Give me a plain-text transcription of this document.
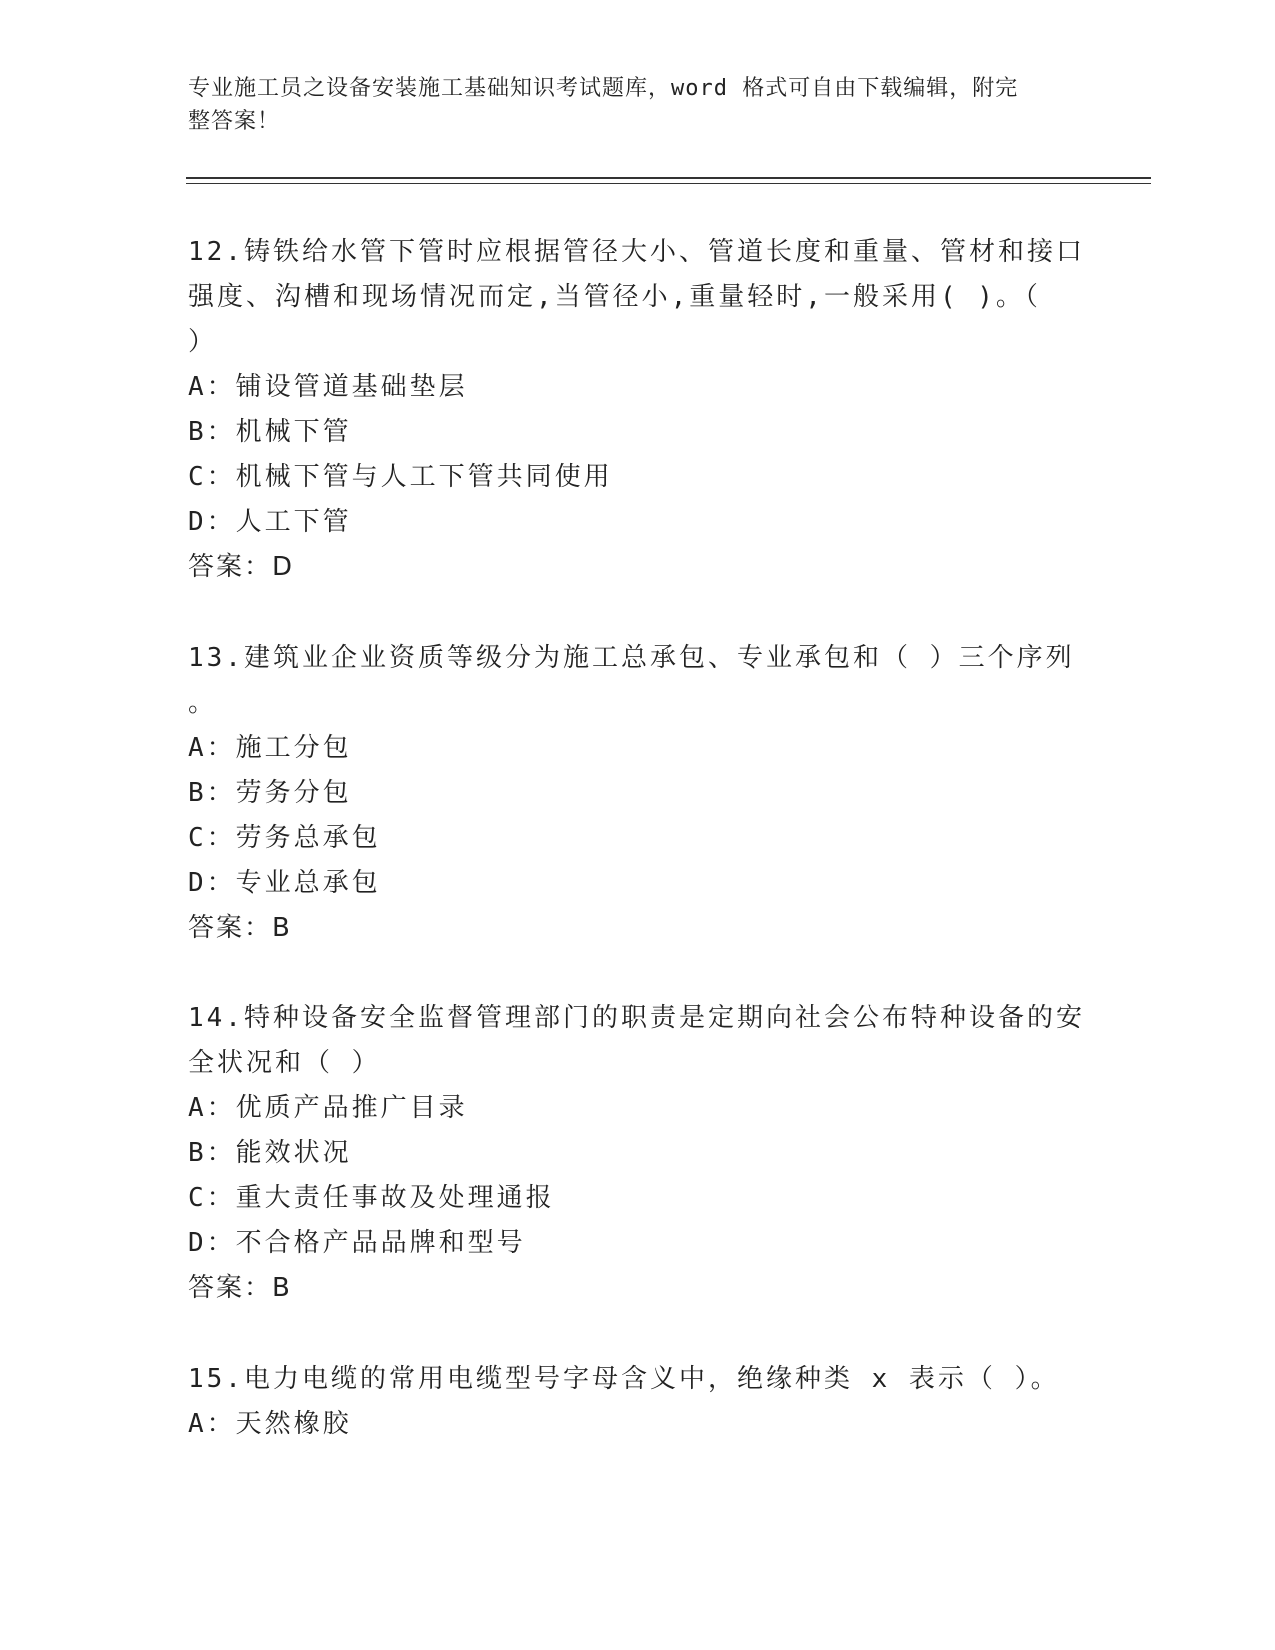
专业施工员之设备安装施工基础知识考试题库，word 格式可自由下载编辑，附完
整答案！
12.铸铁给水管下管时应根据管径大小、管道长度和重量、管材和接口
强度、沟槽和现场情况而定,当管径小,重量轻时,一般采用( )。（
）
A：铺设管道基础垫层
B：机械下管
C：机械下管与人工下管共同使用
D：人工下管
答案：D
13.建筑业企业资质等级分为施工总承包、专业承包和（ ）三个序列
。
A：施工分包
B：劳务分包
C：劳务总承包
D：专业总承包
答案：B
14.特种设备安全监督管理部门的职责是定期向社会公布特种设备的安
全状况和（ ）
A：优质产品推广目录
B：能效状况
C：重大责任事故及处理通报
D：不合格产品品牌和型号
答案：B
15.电力电缆的常用电缆型号字母含义中，绝缘种类 x 表示（ ）。
A：天然橡胶
